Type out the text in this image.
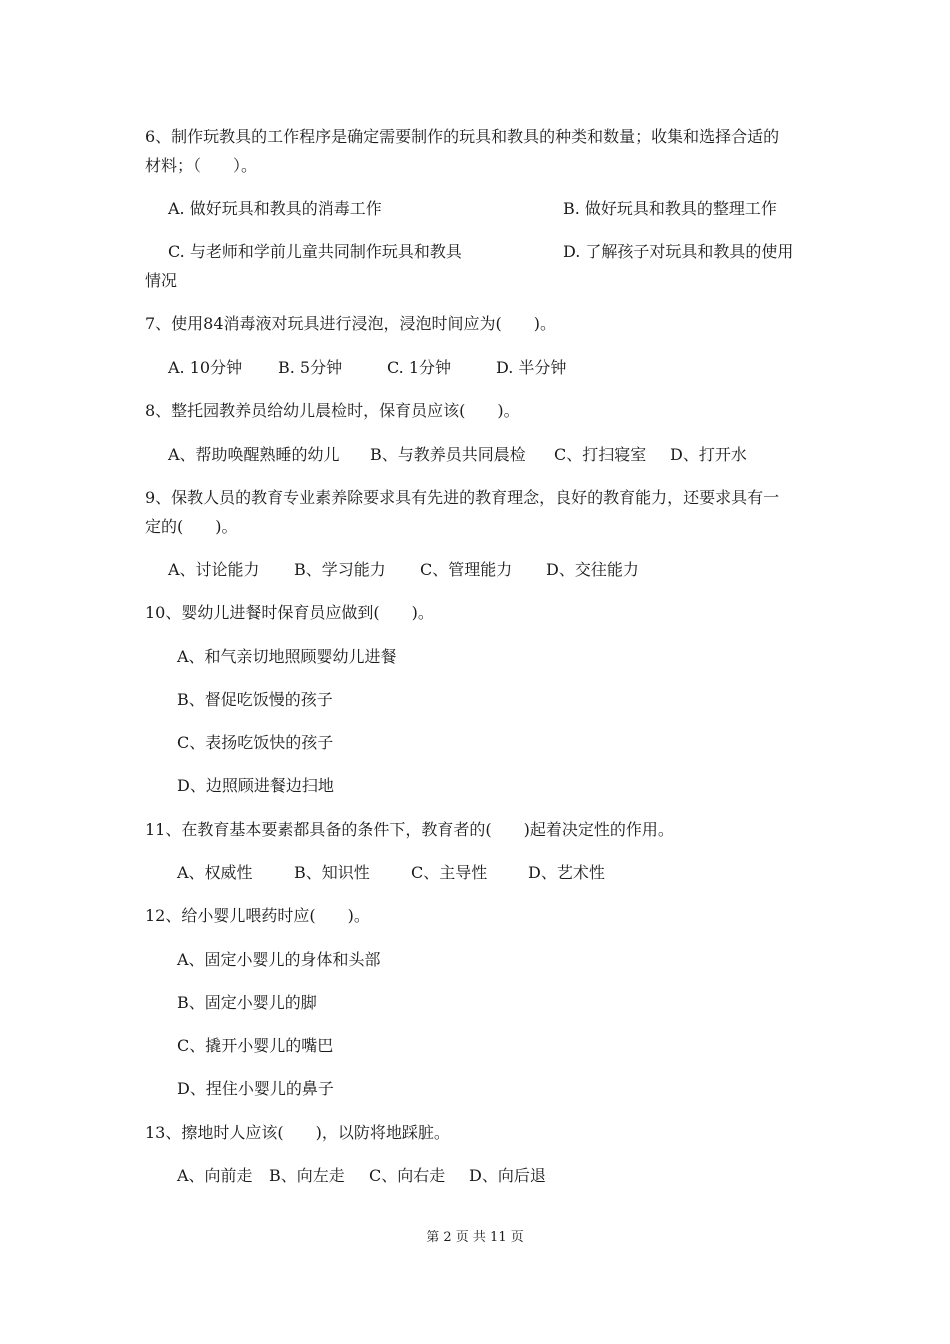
6、制作玩教具的工作程序是确定需要制作的玩具和教具的种类和数量；收集和选择合适的
材料；（　　）。
A. 做好玩具和教具的消毒工作	B. 做好玩具和教具的整理工作
C. 与老师和学前儿童共同制作玩具和教具	D. 了解孩子对玩具和教具的使用
情况
7、使用84消毒液对玩具进行浸泡，浸泡时间应为(　　)。
A. 10分钟 B. 5分钟	C. 1分钟	D. 半分钟
8、整托园教养员给幼儿晨检时，保育员应该(　　)。
A、帮助唤醒熟睡的幼儿 B、与教养员共同晨检 C、打扫寝室 D、打开水
9、保教人员的教育专业素养除要求具有先进的教育理念，良好的教育能力，还要求具有一
定的(　　)。
A、讨论能力 B、学习能力 C、管理能力 D、交往能力
10、婴幼儿进餐时保育员应做到(　　)。
A、和气亲切地照顾婴幼儿进餐
B、督促吃饭慢的孩子
C、表扬吃饭快的孩子
D、边照顾进餐边扫地
11、在教育基本要素都具备的条件下，教育者的(　　)起着决定性的作用。
A、权威性	B、知识性	C、主导性	D、艺术性
12、给小婴儿喂药时应(　　)。
A、固定小婴儿的身体和头部
B、固定小婴儿的脚
C、撬开小婴儿的嘴巴
D、捏住小婴儿的鼻子
13、擦地时人应该(　　)，以防将地踩脏。
A、向前走 B、向左走 C、向右走 D、向后退
第 2 页 共 11 页
